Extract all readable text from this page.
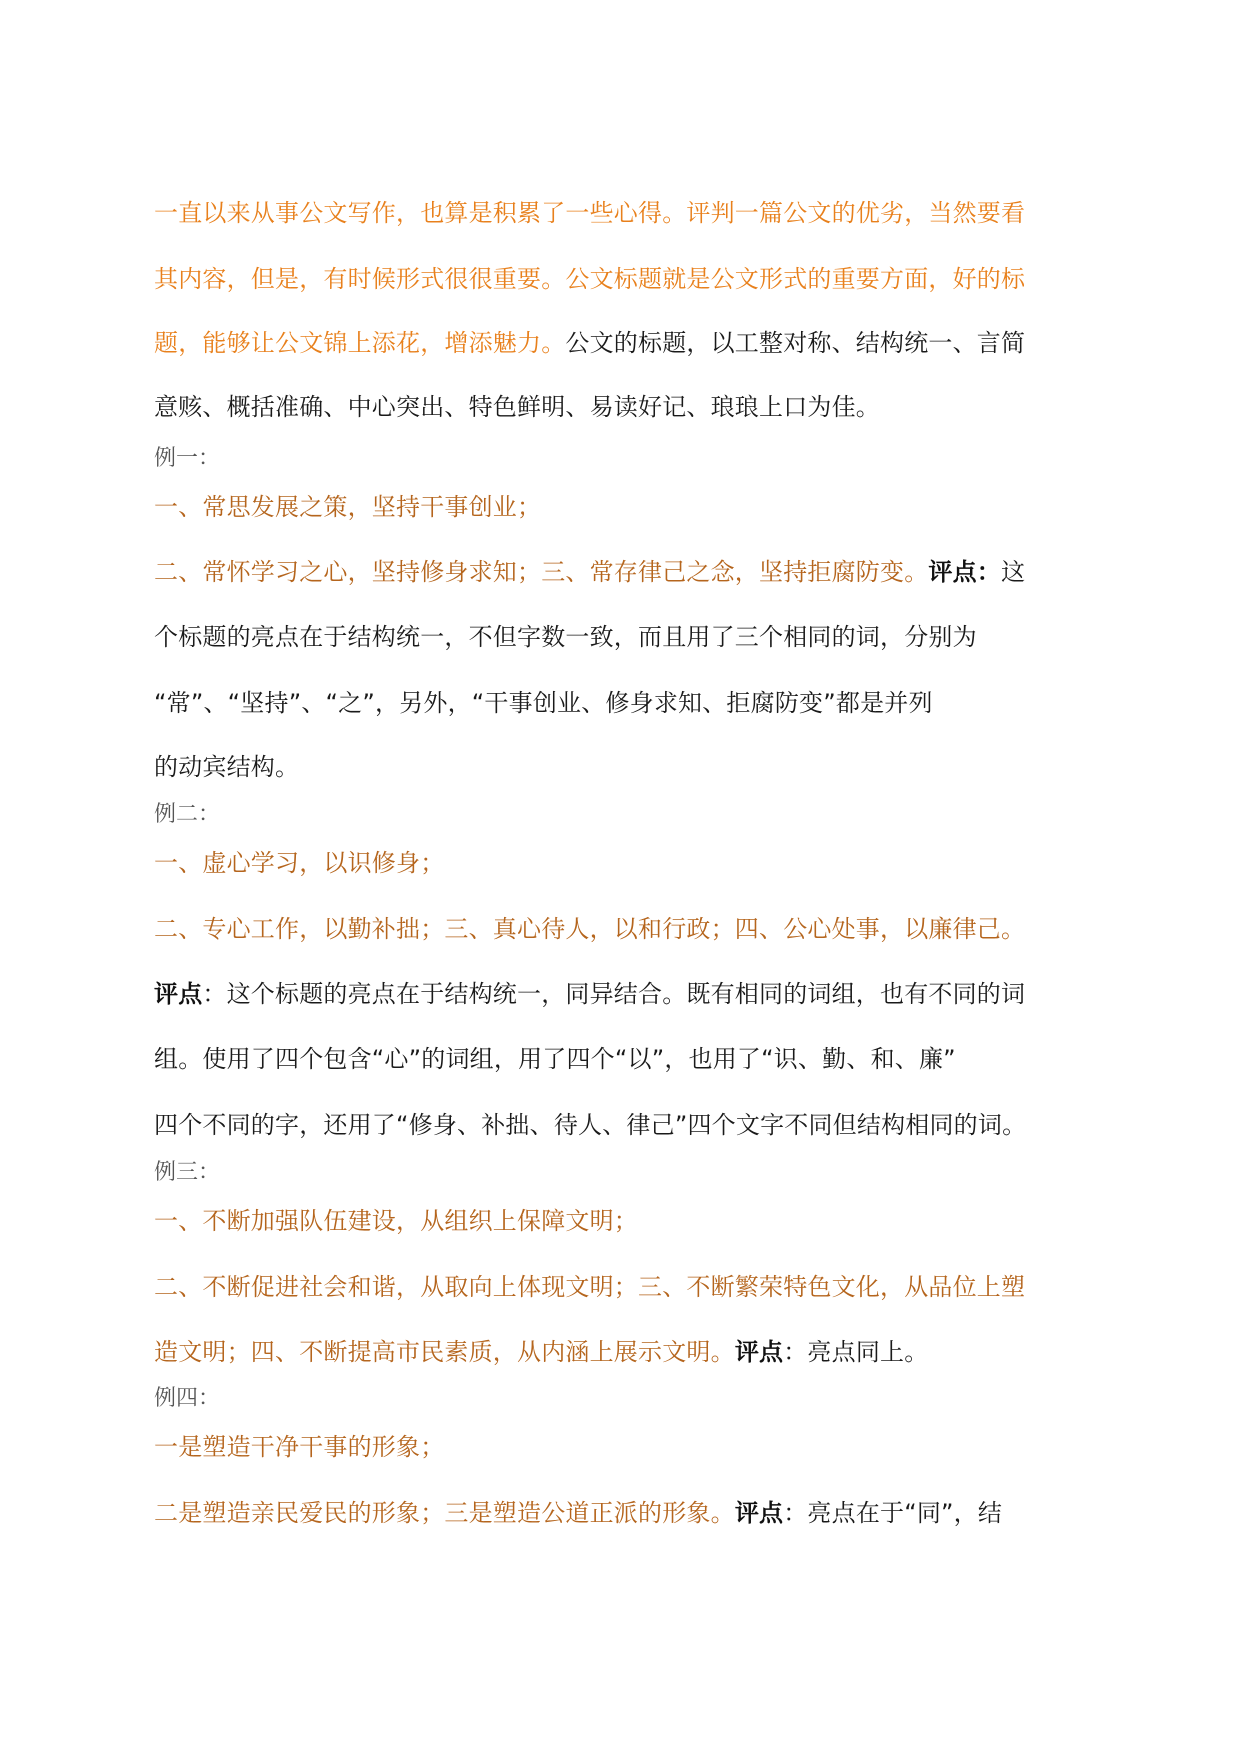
一直以来从事公文写作，也算是积累了一些心得。评判一篇公文的优劣，当然要看
其内容，但是，有时候形式很很重要。公文标题就是公文形式的重要方面，好的标
题，能够让公文锦上添花，增添魅力。公文的标题，以工整对称、结构统一、言简
意赅、概括准确、中心突出、特色鲜明、易读好记、琅琅上口为佳。
例一：
一、常思发展之策，坚持干事创业；
二、常怀学习之心，坚持修身求知；三、常存律己之念，坚持拒腐防变。评点：这
个标题的亮点在于结构统一，不但字数一致，而且用了三个相同的词，分别为
“常”、“坚持”、“之”，另外，“干事创业、修身求知、拒腐防变”都是并列
的动宾结构。
例二：
一、虚心学习，以识修身；
二、专心工作，以勤补拙；三、真心待人，以和行政；四、公心处事，以廉律己。
评点：这个标题的亮点在于结构统一，同异结合。既有相同的词组，也有不同的词
组。使用了四个包含“心”的词组，用了四个“以”，也用了“识、勤、和、廉”
四个不同的字，还用了“修身、补拙、待人、律己”四个文字不同但结构相同的词。
例三：
一、不断加强队伍建设，从组织上保障文明；
二、不断促进社会和谐，从取向上体现文明；三、不断繁荣特色文化，从品位上塑
造文明；四、不断提高市民素质，从内涵上展示文明。评点：亮点同上。
例四：
一是塑造干净干事的形象；
二是塑造亲民爱民的形象；三是塑造公道正派的形象。评点：亮点在于“同”，结
